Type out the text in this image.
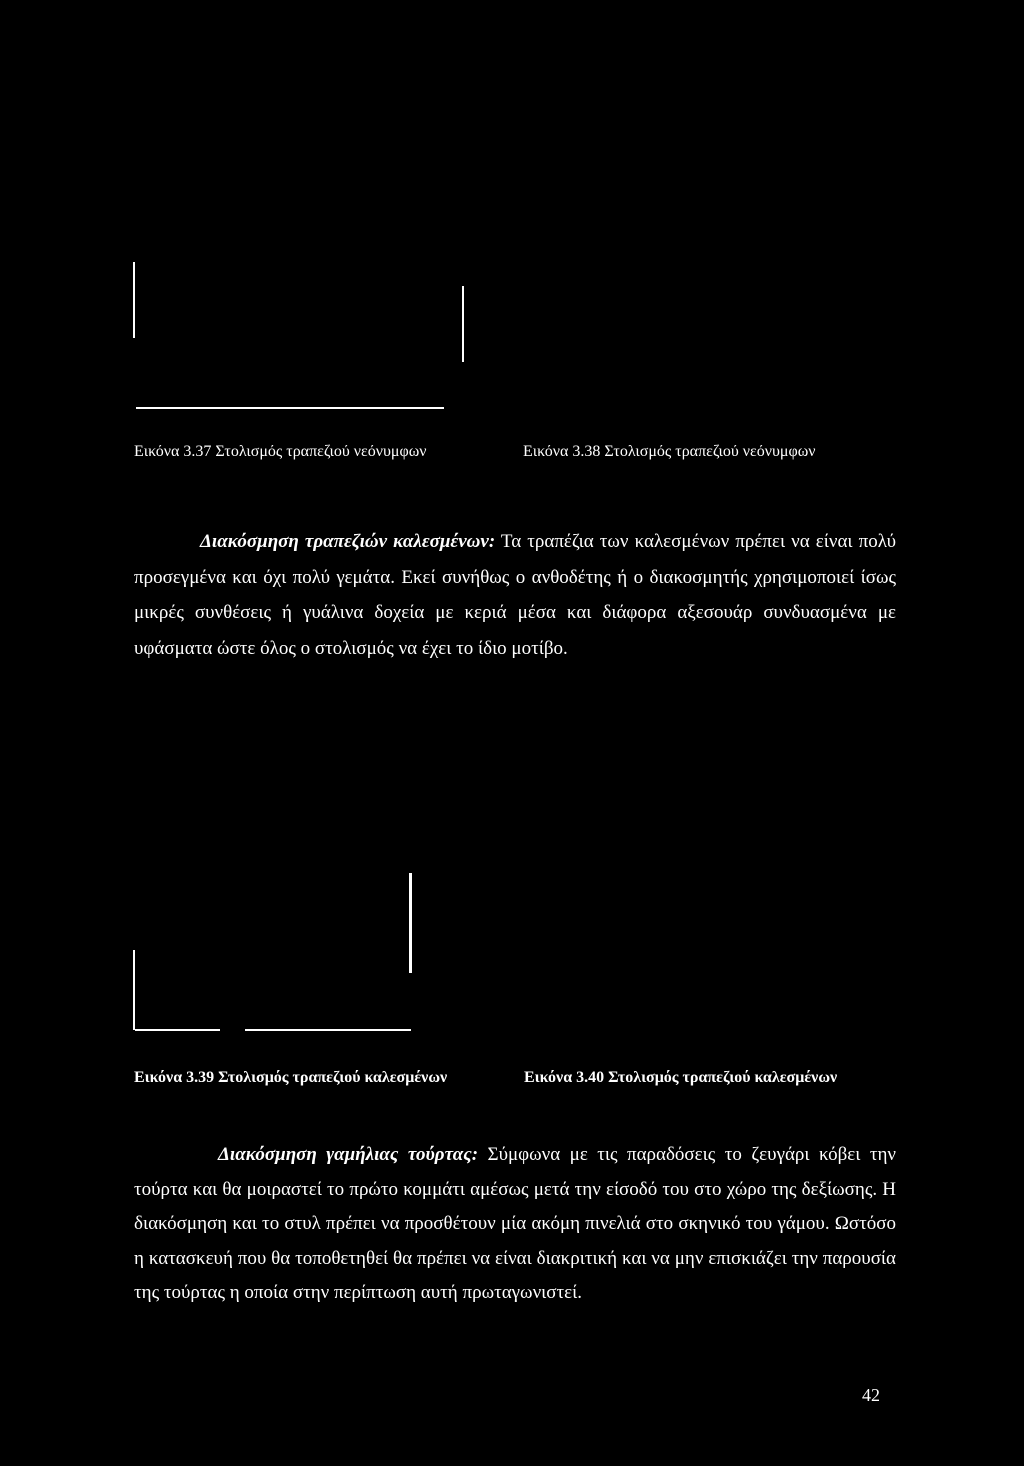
Εικόνα 3.37 Στολισμός τραπεζιού νεόνυμφων	Εικόνα 3.38 Στολισμός τραπεζιού νεόνυμφων

Διακόσμηση τραπεζιών καλεσμένων: Τα τραπέζια των καλεσμένων πρέπει να είναι πολύ προσεγμένα και όχι πολύ γεμάτα. Εκεί συνήθως ο ανθοδέτης ή ο διακοσμητής χρησιμοποιεί ίσως μικρές συνθέσεις ή γυάλινα δοχεία με κεριά μέσα και διάφορα αξεσουάρ συνδυασμένα με υφάσματα ώστε όλος ο στολισμός να έχει το ίδιο μοτίβο.

Εικόνα 3.39 Στολισμός τραπεζιού καλεσμένων	Εικόνα 3.40 Στολισμός τραπεζιού καλεσμένων

Διακόσμηση γαμήλιας τούρτας: Σύμφωνα με τις παραδόσεις το ζευγάρι κόβει την τούρτα και θα μοιραστεί το πρώτο κομμάτι αμέσως μετά την είσοδό του στο χώρο της δεξίωσης. Η διακόσμηση και το στυλ πρέπει να προσθέτουν μία ακόμη πινελιά στο σκηνικό του γάμου. Ωστόσο η κατασκευή που θα τοποθετηθεί θα πρέπει να είναι διακριτική και να μην επισκιάζει την παρουσία της τούρτας η οποία στην περίπτωση αυτή πρωταγωνιστεί.

42
